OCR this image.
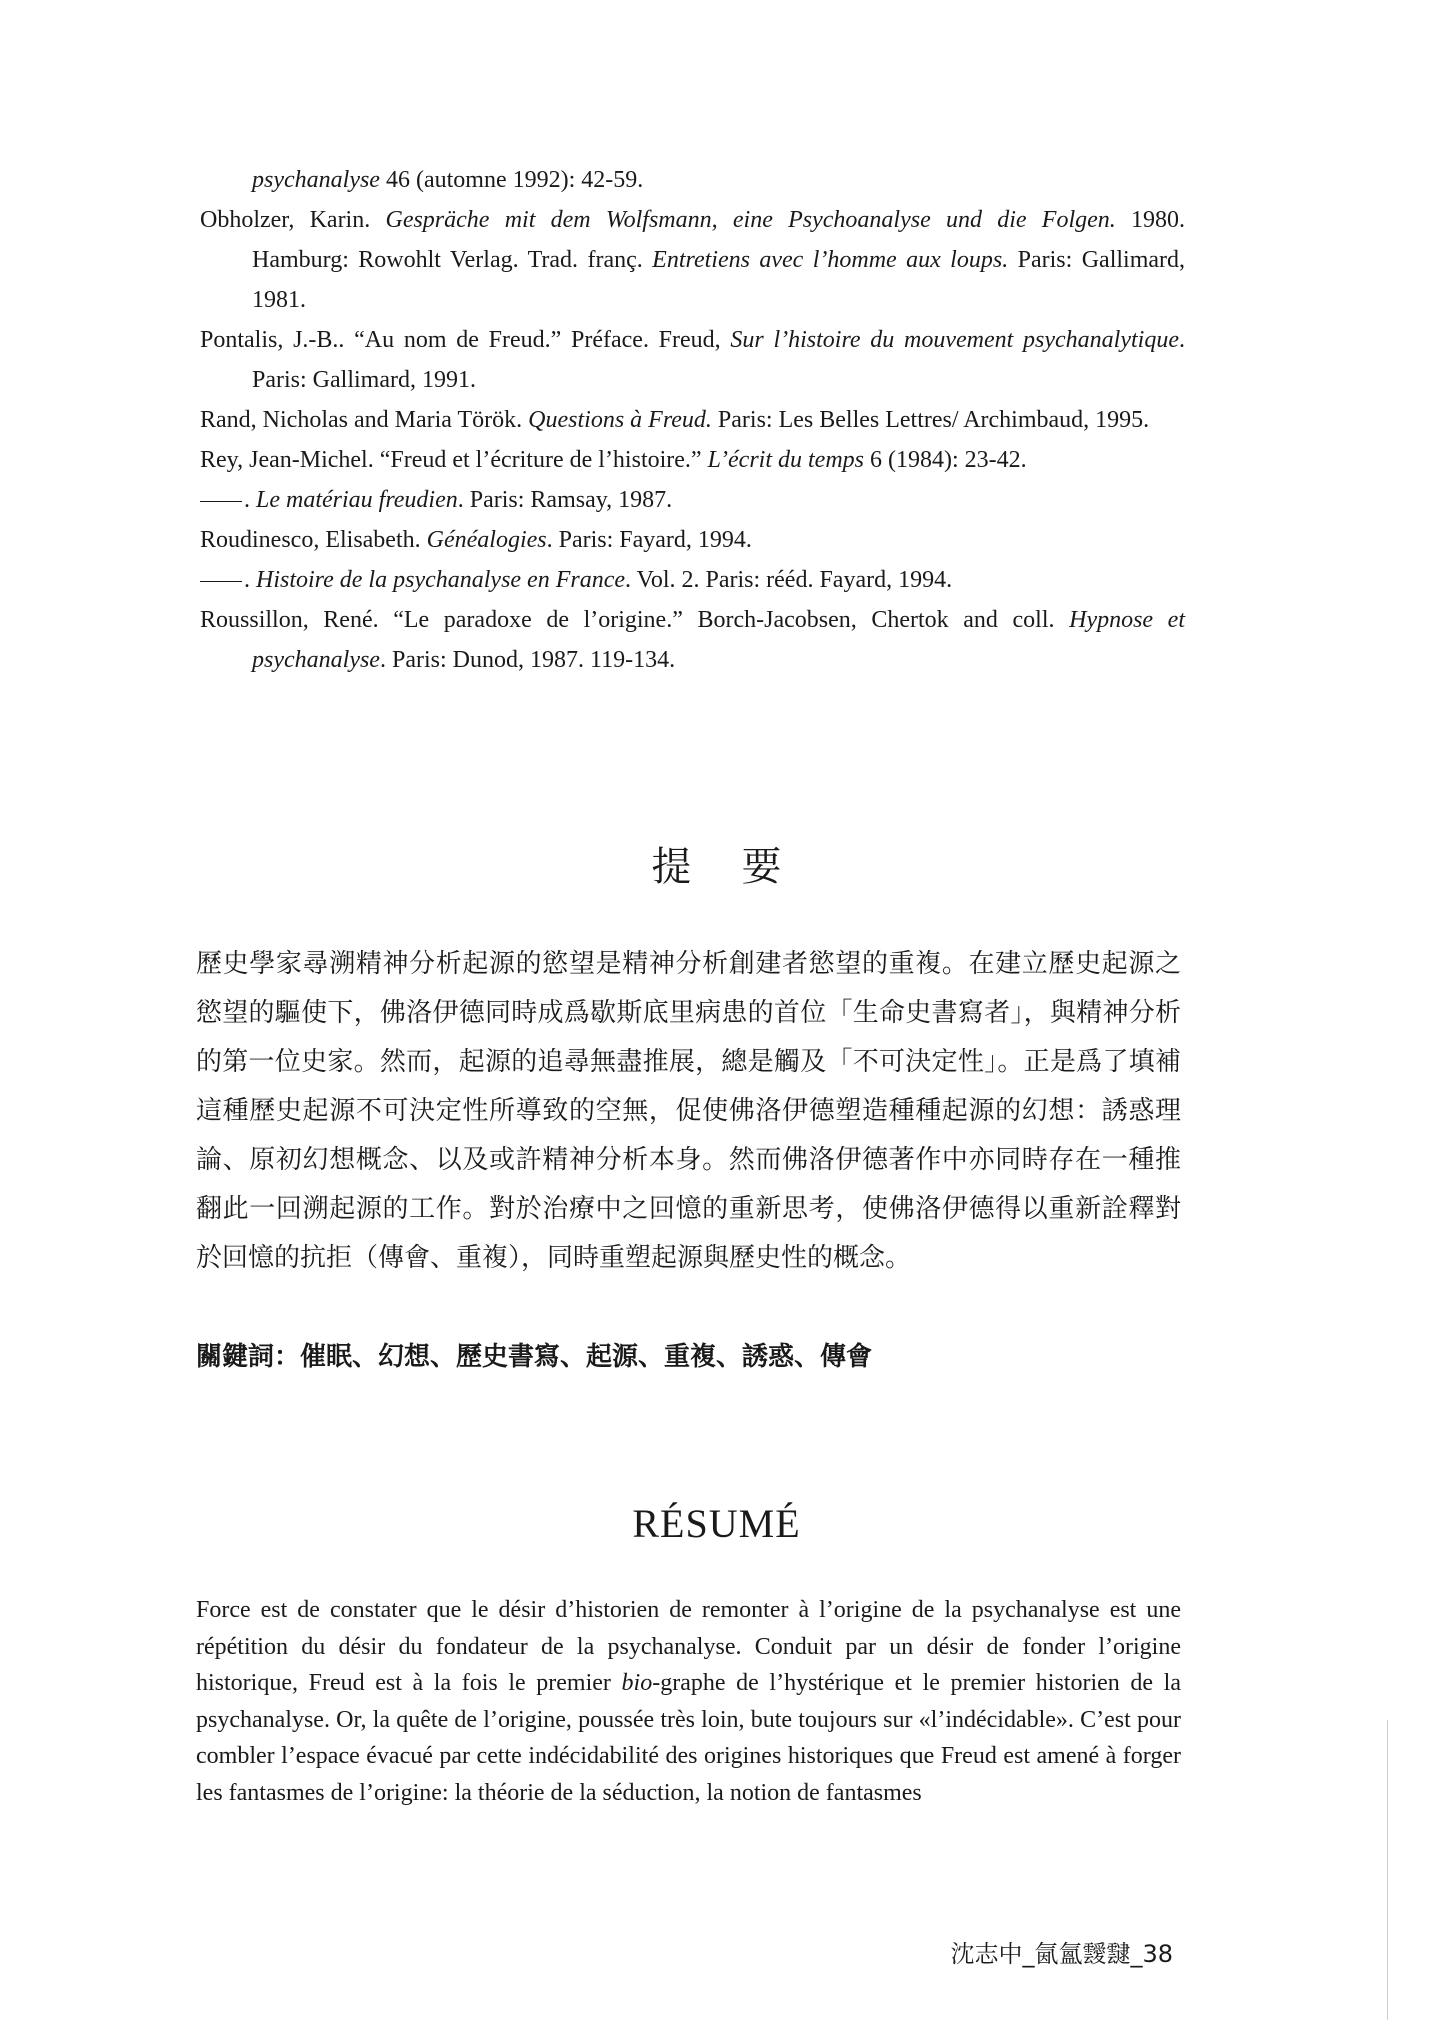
psychanalyse 46 (automne 1992): 42-59.

Obholzer, Karin. Gespräche mit dem Wolfsmann, eine Psychoanalyse und die Folgen. 1980. Hamburg: Rowohlt Verlag. Trad. franç. Entretiens avec l’homme aux loups. Paris: Gallimard, 1981.

Pontalis, J.-B.. “Au nom de Freud.” Préface. Freud, Sur l’histoire du mouvement psychanalytique. Paris: Gallimard, 1991.

Rand, Nicholas and Maria Török. Questions à Freud. Paris: Les Belles Lettres/ Archimbaud, 1995.

Rey, Jean-Michel. “Freud et l’écriture de l’histoire.” L’écrit du temps 6 (1984): 23-42.

. Le matériau freudien. Paris: Ramsay, 1987.

Roudinesco, Elisabeth. Généalogies. Paris: Fayard, 1994.

. Histoire de la psychanalyse en France. Vol. 2. Paris: rééd. Fayard, 1994.

Roussillon, René. “Le paradoxe de l’origine.” Borch-Jacobsen, Chertok and coll. Hypnose et psychanalyse. Paris: Dunod, 1987. 119-134.

提要

歷史學家尋溯精神分析起源的慾望是精神分析創建者慾望的重複。在建立歷史起源之慾望的驅使下，佛洛伊德同時成爲歇斯底里病患的首位「生命史書寫者」，與精神分析的第一位史家。然而，起源的追尋無盡推展，總是觸及「不可決定性」。正是爲了填補這種歷史起源不可決定性所導致的空無，促使佛洛伊德塑造種種起源的幻想：誘惑理論、原初幻想概念、以及或許精神分析本身。然而佛洛伊德著作中亦同時存在一種推翻此一回溯起源的工作。對於治療中之回憶的重新思考，使佛洛伊德得以重新詮釋對於回憶的抗拒（傳會、重複），同時重塑起源與歷史性的概念。

關鍵詞：催眠、幻想、歷史書寫、起源、重複、誘惑、傳會

RÉSUMÉ

Force est de constater que le désir d’historien de remonter à l’origine de la psychanalyse est une répétition du désir du fondateur de la psychanalyse. Conduit par un désir de fonder l’origine historique, Freud est à la fois le premier bio-graphe de l’hystérique et le premier historien de la psychanalyse. Or, la quête de l’origine, poussée très loin, bute toujours sur «l’indécidable». C’est pour combler l’espace évacué par cette indécidabilité des origines historiques que Freud est amené à forger les fantasmes de l’origine: la théorie de la séduction, la notion de fantasmes

沈志中_氤氳靉靆_38
